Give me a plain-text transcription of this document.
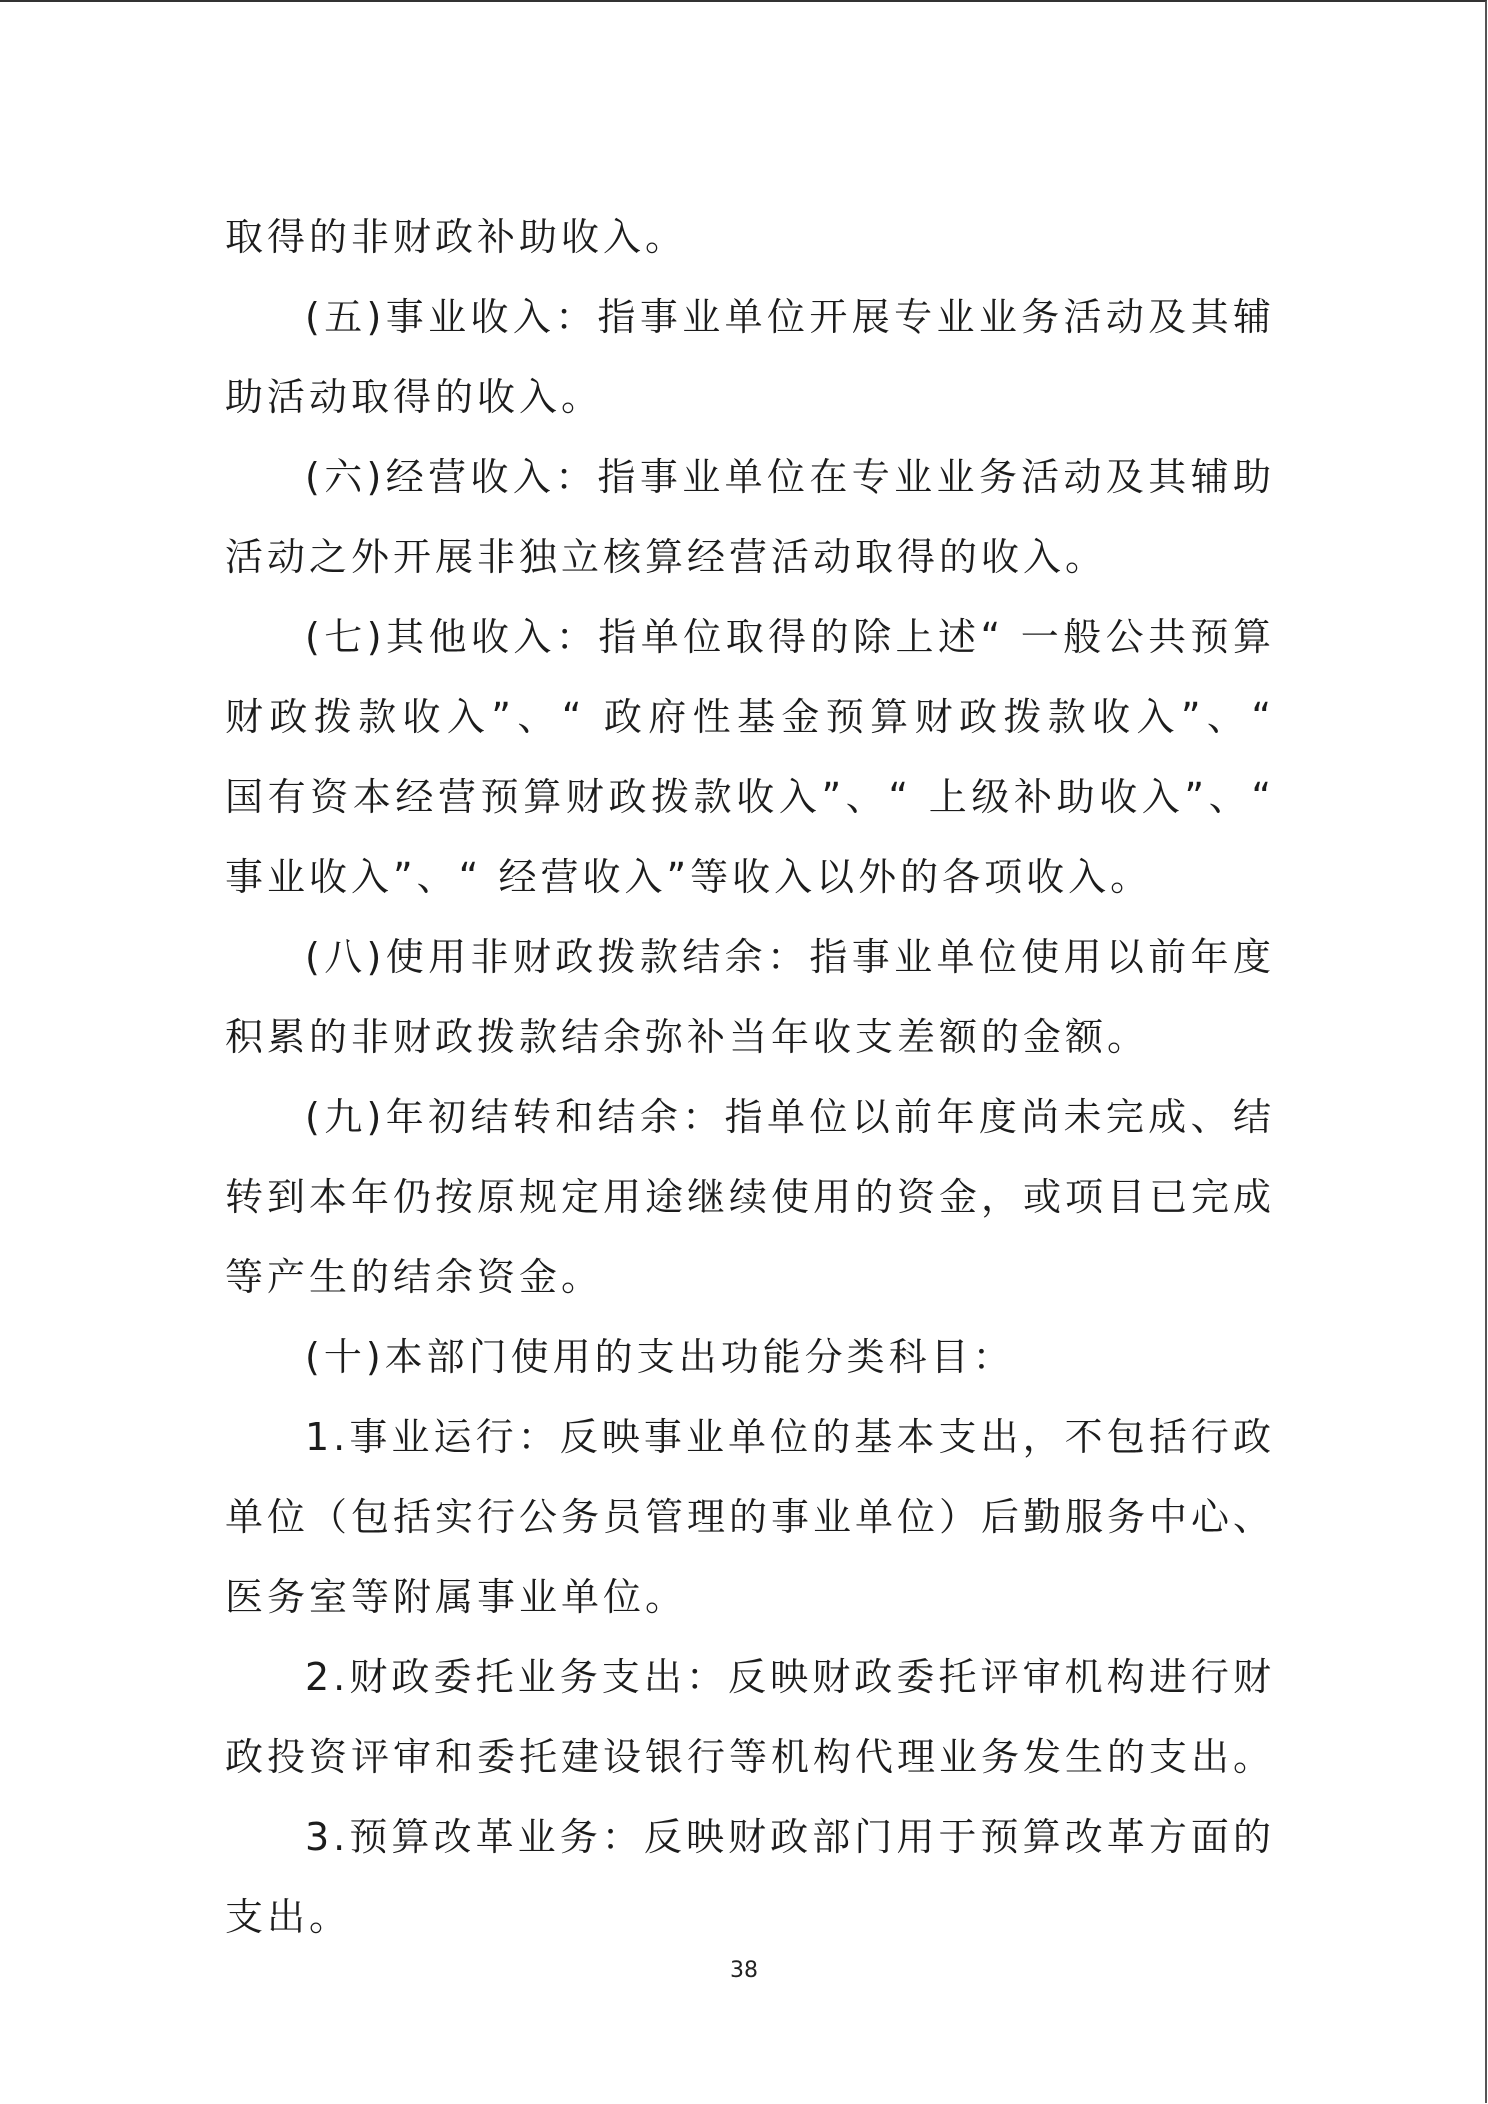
取得的非财政补助收入。

(五)事业收入：指事业单位开展专业业务活动及其辅助活动取得的收入。

(六)经营收入：指事业单位在专业业务活动及其辅助活动之外开展非独立核算经营活动取得的收入。

(七)其他收入：指单位取得的除上述“ 一般公共预算财政拨款收入”、“ 政府性基金预算财政拨款收入”、“ 国有资本经营预算财政拨款收入”、“ 上级补助收入”、“ 事业收入”、“ 经营收入”等收入以外的各项收入。

(八)使用非财政拨款结余：指事业单位使用以前年度积累的非财政拨款结余弥补当年收支差额的金额。

(九)年初结转和结余：指单位以前年度尚未完成、结转到本年仍按原规定用途继续使用的资金，或项目已完成等产生的结余资金。

(十)本部门使用的支出功能分类科目：

1.事业运行：反映事业单位的基本支出，不包括行政单位（包括实行公务员管理的事业单位）后勤服务中心、医务室等附属事业单位。

2.财政委托业务支出：反映财政委托评审机构进行财政投资评审和委托建设银行等机构代理业务发生的支出。

3.预算改革业务：反映财政部门用于预算改革方面的支出。

38
